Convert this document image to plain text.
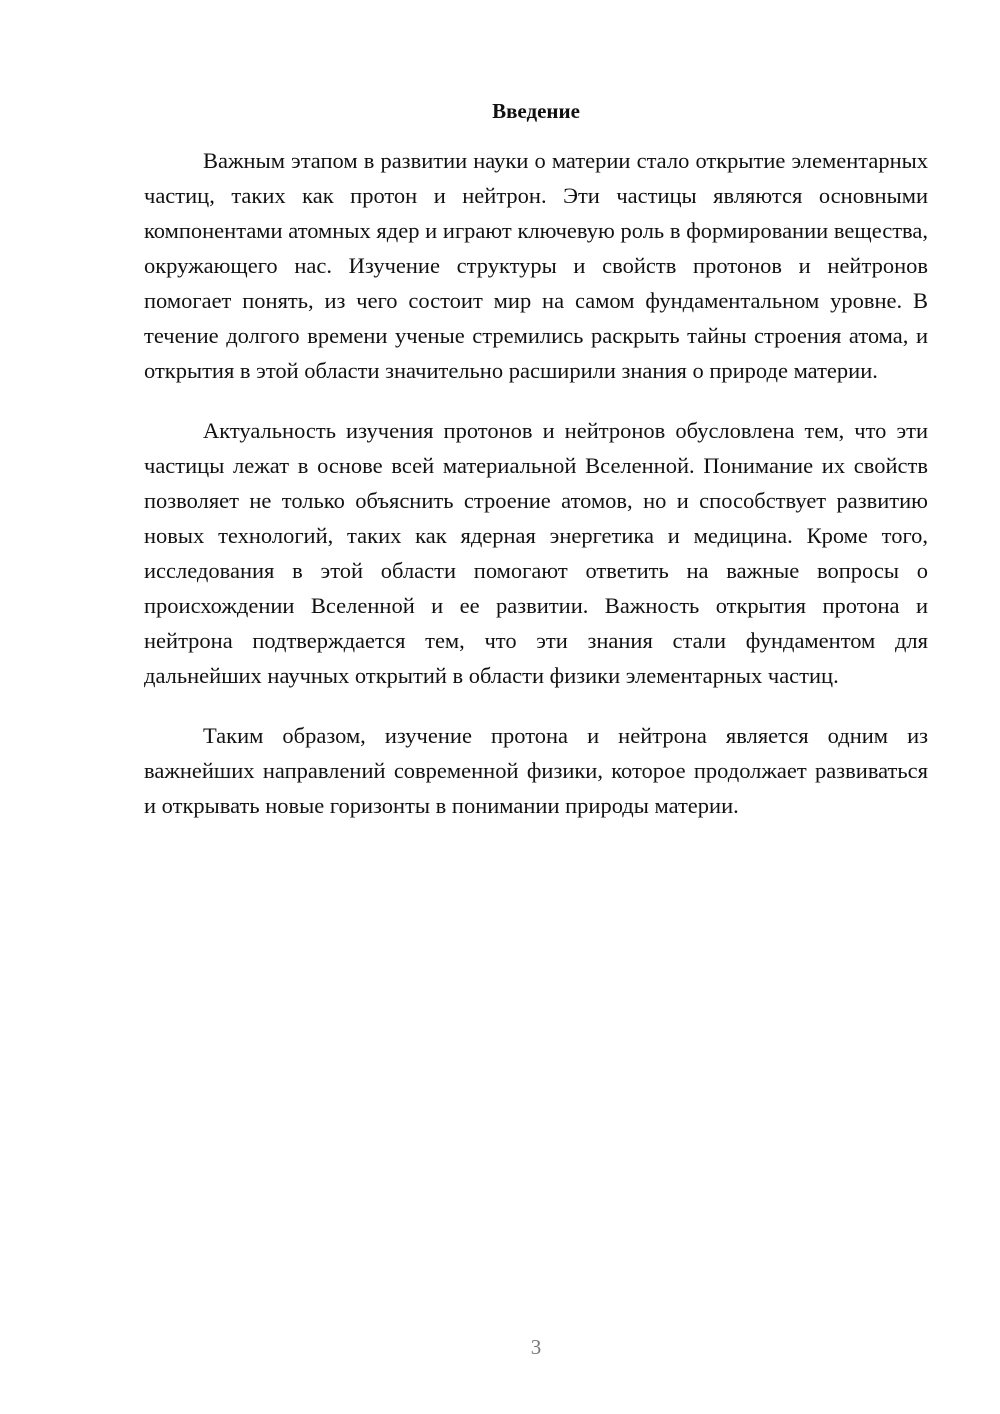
Введение

Важным этапом в развитии науки о материи стало открытие элементарных частиц, таких как протон и нейтрон. Эти частицы являются основными компонентами атомных ядер и играют ключевую роль в формировании вещества, окружающего нас. Изучение структуры и свойств протонов и нейтронов помогает понять, из чего состоит мир на самом фундаментальном уровне. В течение долгого времени ученые стремились раскрыть тайны строения атома, и открытия в этой области значительно расширили знания о природе материи.

Актуальность изучения протонов и нейтронов обусловлена тем, что эти частицы лежат в основе всей материальной Вселенной. Понимание их свойств позволяет не только объяснить строение атомов, но и способствует развитию новых технологий, таких как ядерная энергетика и медицина. Кроме того, исследования в этой области помогают ответить на важные вопросы о происхождении Вселенной и ее развитии. Важность открытия протона и нейтрона подтверждается тем, что эти знания стали фундаментом для дальнейших научных открытий в области физики элементарных частиц.

Таким образом, изучение протона и нейтрона является одним из важнейших направлений современной физики, которое продолжает развиваться и открывать новые горизонты в понимании природы материи.

3
